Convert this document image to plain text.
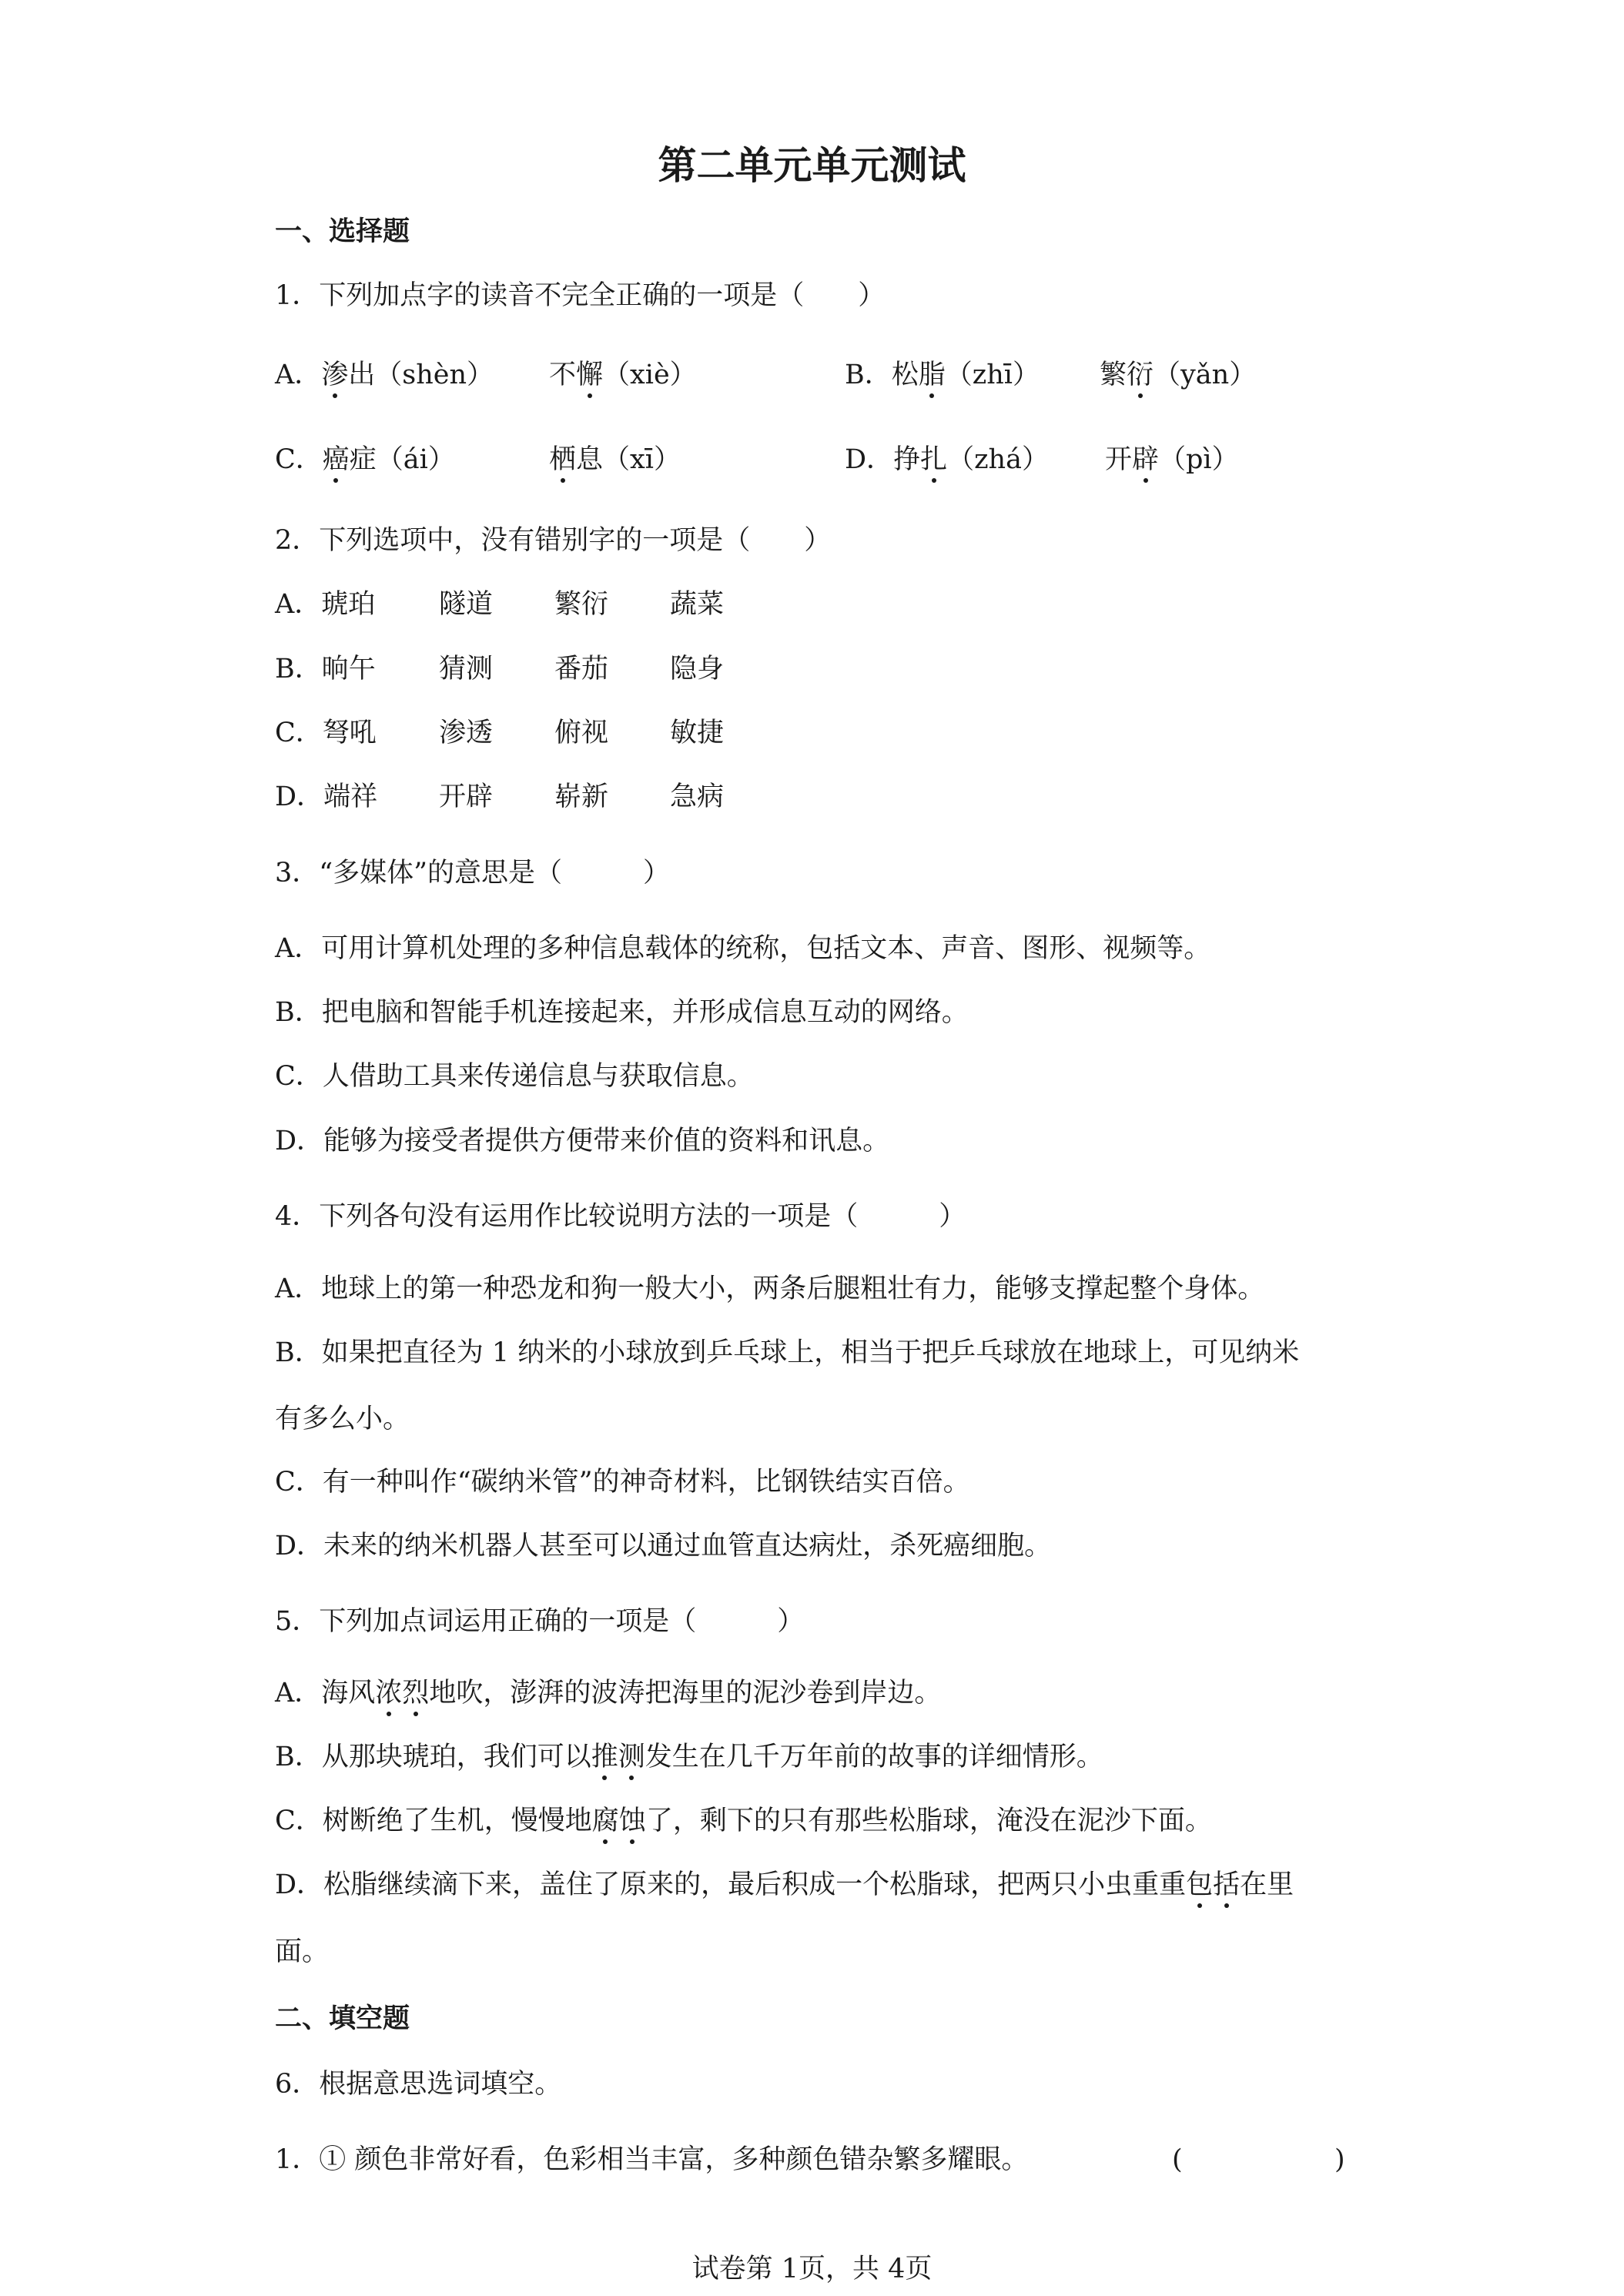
第二单元单元测试
一、选择题
1．下列加点字的读音不完全正确的一项是（　　）
A．渗出（shèn） 不懈（xiè）	B．松脂（zhī） 繁衍（yǎn）
C．癌症（ái）	栖息（xī）	D．挣扎（zhá） 开辟（pì）
2．下列选项中，没有错别字的一项是（　　）
A．琥珀 隧道 繁衍 蔬菜
B．晌午 猜测 番茄 隐身
C．弩吼 渗透 俯视 敏捷
D．端祥 开辟 崭新 急病
3．“多媒体”的意思是（　　　）
A．可用计算机处理的多种信息载体的统称，包括文本、声音、图形、视频等。
B．把电脑和智能手机连接起来，并形成信息互动的网络。
C．人借助工具来传递信息与获取信息。
D．能够为接受者提供方便带来价值的资料和讯息。
4．下列各句没有运用作比较说明方法的一项是（　　　）
A．地球上的第一种恐龙和狗一般大小，两条后腿粗壮有力，能够支撑起整个身体。
B．如果把直径为 1 纳米的小球放到乒乓球上，相当于把乒乓球放在地球上，可见纳米
有多么小。
C．有一种叫作“碳纳米管”的神奇材料，比钢铁结实百倍。
D．未来的纳米机器人甚至可以通过血管直达病灶，杀死癌细胞。
5．下列加点词运用正确的一项是（　　　）
A．海风浓烈地吹，澎湃的波涛把海里的泥沙卷到岸边。
B．从那块琥珀，我们可以推测发生在几千万年前的故事的详细情形。
C．树断绝了生机，慢慢地腐蚀了，剩下的只有那些松脂球，淹没在泥沙下面。
D．松脂继续滴下来，盖住了原来的，最后积成一个松脂球，把两只小虫重重包括在里
面。
二、填空题
6．根据意思选词填空。
1．① 颜色非常好看，色彩相当丰富，多种颜色错杂繁多耀眼。	(	)
试卷第 1页，共 4页
